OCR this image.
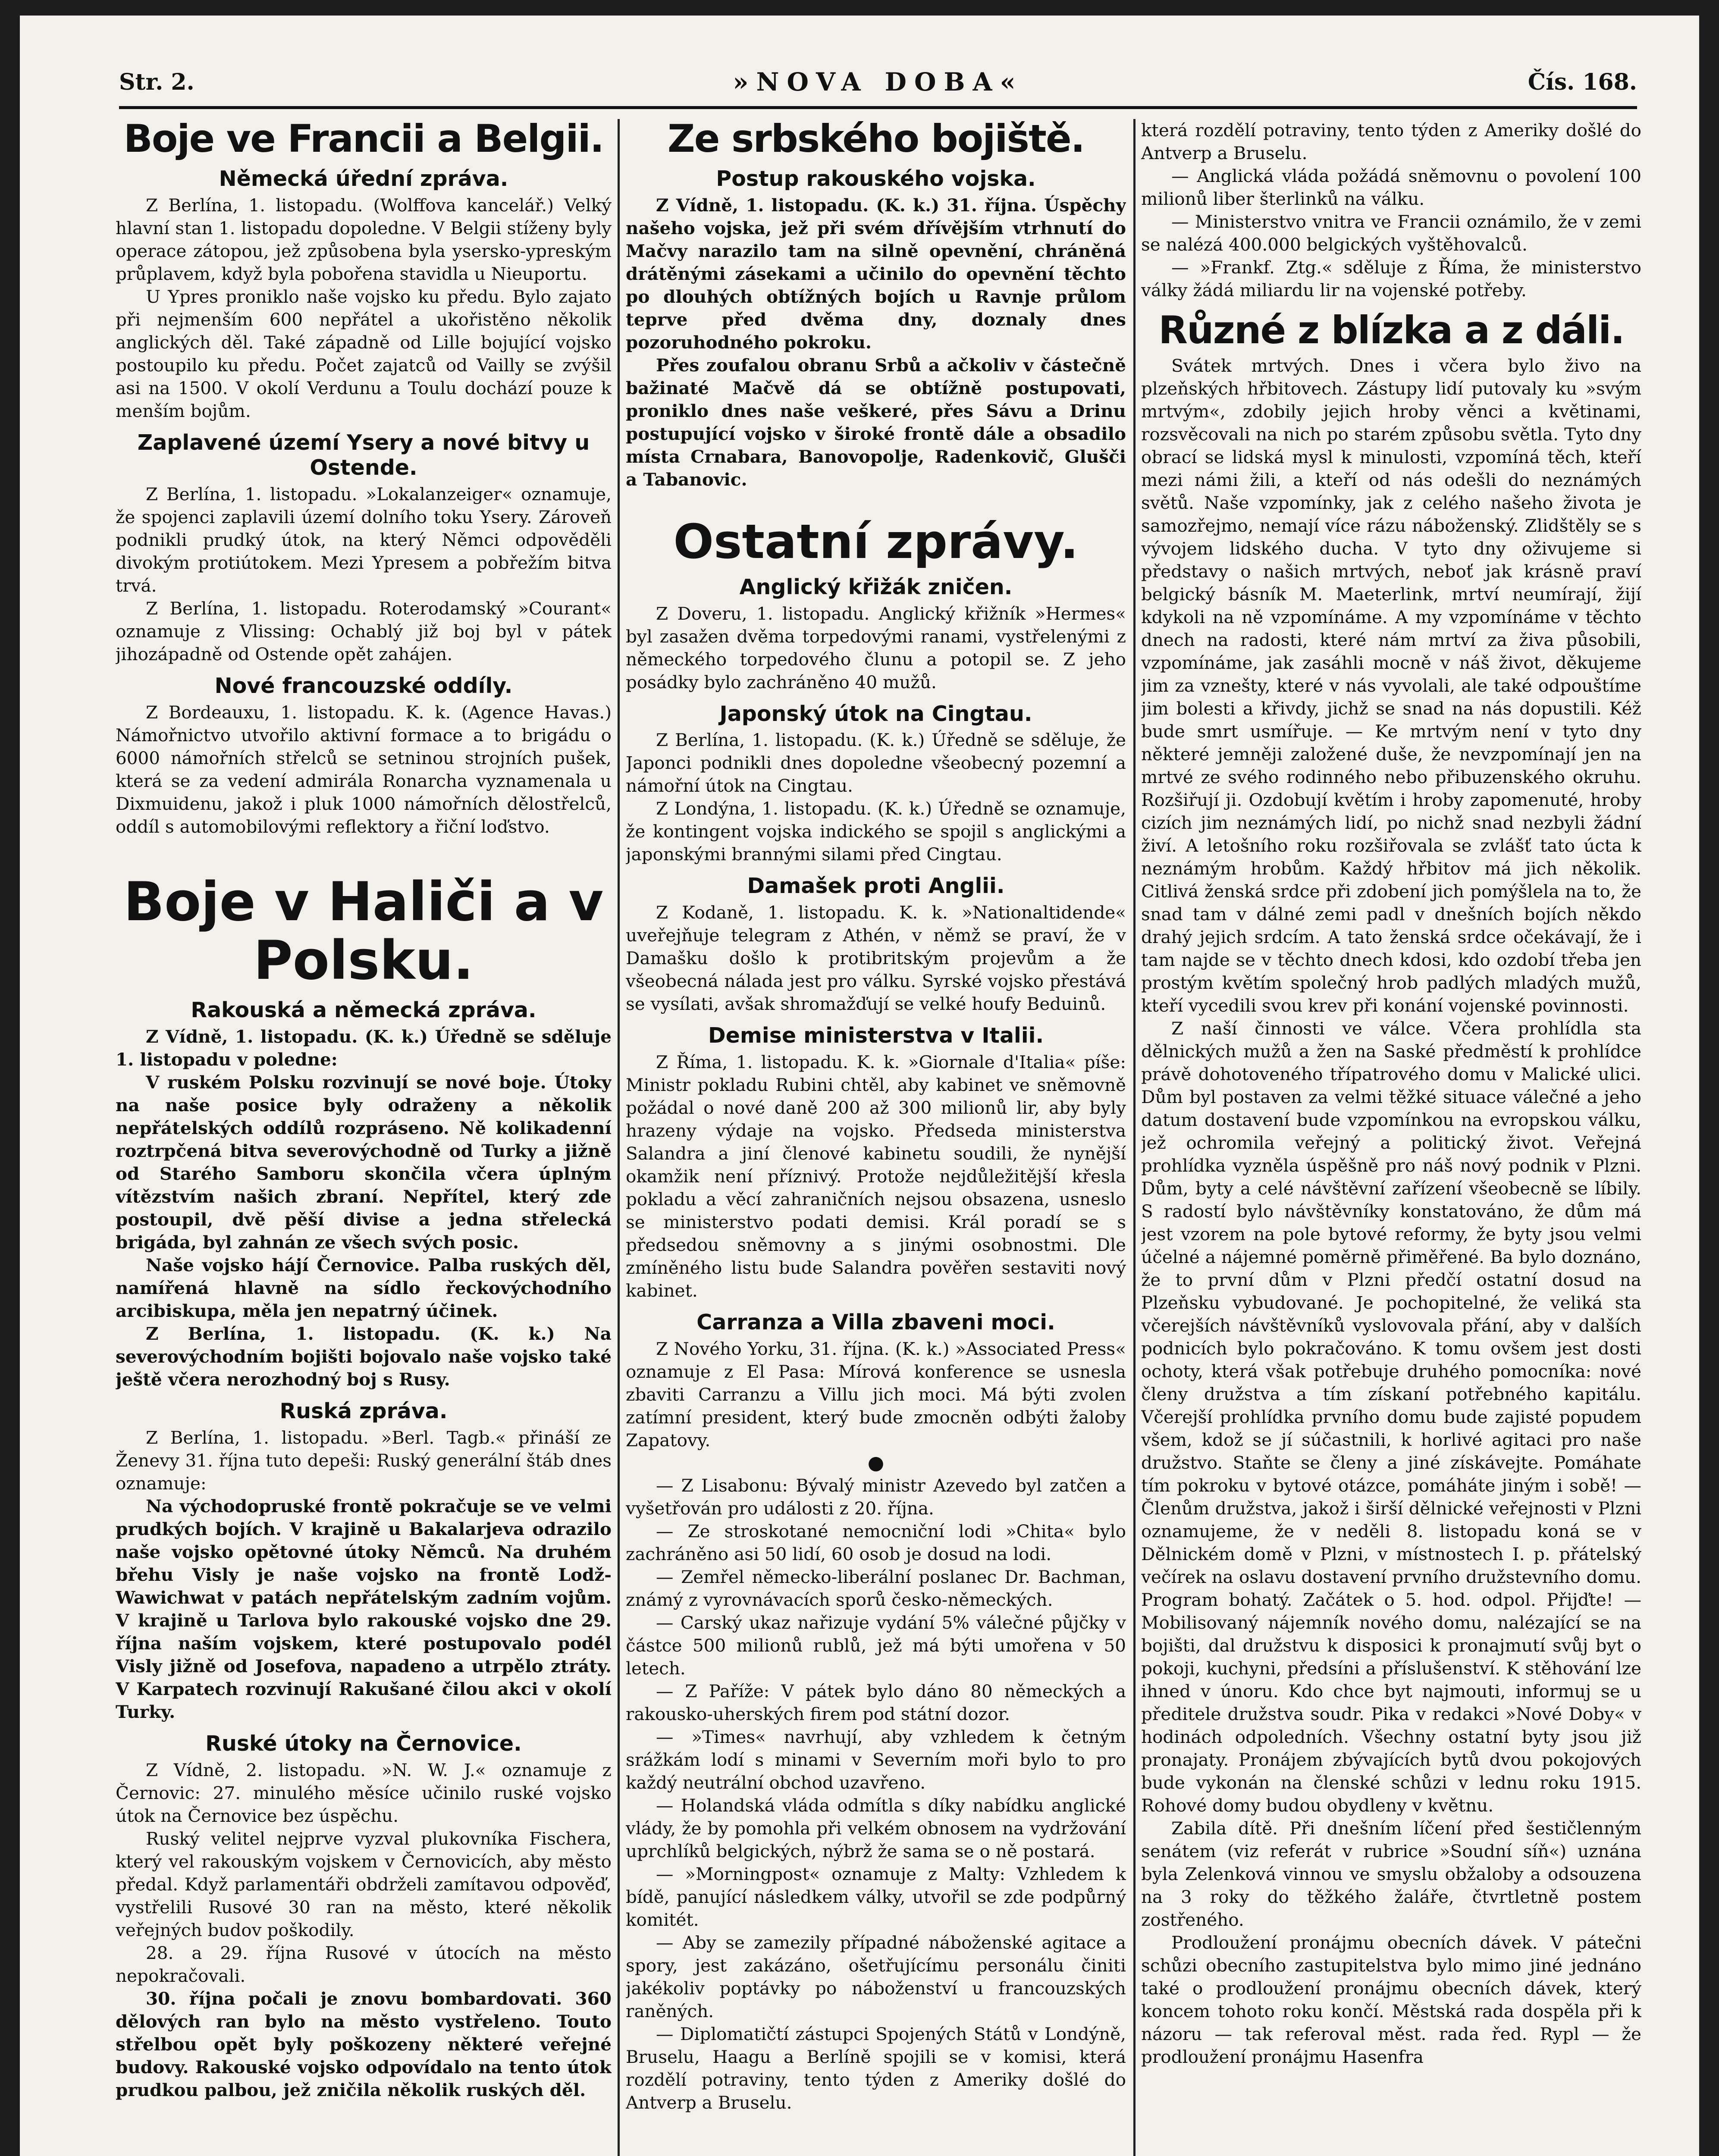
Str. 2.	»NOVA DOBA«	Čís. 168.
Boje ve Francii a Belgii.
Německá úřední zpráva.

Z Berlína, 1. listopadu. (Wolffova kancelář.) Velký hlavní stan 1. listopadu dopoledne. V Belgii stíženy byly operace zátopou, jež způsobena byla ysersko-ypreským průplavem, když byla pobořena stavidla u Nieuportu.

U Ypres proniklo naše vojsko ku předu. Bylo zajato při nejmenším 600 nepřátel a ukořistěno několik anglických děl. Také západně od Lille bojující vojsko postoupilo ku předu. Počet zajatců od Vailly se zvýšil asi na 1500. V okolí Verdunu a Toulu dochází pouze k menším bojům.

Zaplavené území Ysery a nové bitvy u Ostende.

Z Berlína, 1. listopadu. »Lokalanzeiger« oznamuje, že spojenci zaplavili území dolního toku Ysery. Zároveň podnikli prudký útok, na který Němci odpověděli divokým protiútokem. Mezi Ypresem a pobřežím bitva trvá.

Z Berlína, 1. listopadu. Roterodamský »Courant« oznamuje z Vlissing: Ochablý již boj byl v pátek jihozápadně od Ostende opět zahájen.

Nové francouzské oddíly.

Z Bordeauxu, 1. listopadu. K. k. (Agence Havas.) Námořnictvo utvořilo aktivní formace a to brigádu o 6000 námořních střelců se setninou strojních pušek, která se za vedení admirála Ronarcha vyznamenala u Dixmuidenu, jakož i pluk 1000 námořních dělostřelců, oddíl s automobilovými reflektory a řiční loďstvo.

Boje v Haliči a v Polsku.
Rakouská a německá zpráva.

Z Vídně, 1. listopadu. (K. k.) Úředně se sděluje 1. listopadu v poledne:

V ruském Polsku rozvinují se nové boje. Útoky na naše posice byly odraženy a několik nepřátelských oddílů rozpráseno. Ně kolikadenní roztrpčená bitva severovýchodně od Turky a jižně od Starého Samboru skončila včera úplným vítězstvím našich zbraní. Nepřítel, který zde postoupil, dvě pěší divise a jedna střelecká brigáda, byl zahnán ze všech svých posic.

Naše vojsko hájí Černovice. Palba ruských děl, namířená hlavně na sídlo řeckovýchodního arcibiskupa, měla jen nepatrný účinek.

Z Berlína, 1. listopadu. (K. k.) Na severovýchodním bojišti bojovalo naše vojsko také ještě včera nerozhodný boj s Rusy.

Ruská zpráva.

Z Berlína, 1. listopadu. »Berl. Tagb.« přináší ze Ženevy 31. října tuto depeši: Ruský generální štáb dnes oznamuje:

Na východopruské frontě pokračuje se ve velmi prudkých bojích. V krajině u Bakalarjeva odrazilo naše vojsko opětovné útoky Němců. Na druhém břehu Visly je naše vojsko na frontě Lodž-Wawichwat v patách nepřátelským zadním vojům. V krajině u Tarlova bylo rakouské vojsko dne 29. října naším vojskem, které postupovalo podél Visly jižně od Josefova, napadeno a utrpělo ztráty. V Karpatech rozvinují Rakušané čilou akci v okolí Turky.

Ruské útoky na Černovice.

Z Vídně, 2. listopadu. »N. W. J.« oznamuje z Černovic: 27. minulého měsíce učinilo ruské vojsko útok na Černovice bez úspěchu.

Ruský velitel nejprve vyzval plukovníka Fischera, který vel rakouským vojskem v Černovicích, aby město předal. Když parlamentáři obdrželi zamítavou odpověď, vystřelili Rusové 30 ran na město, které několik veřejných budov poškodily.

28. a 29. října Rusové v útocích na město nepokračovali.

30. října počali je znovu bombardovati. 360 dělových ran bylo na město vystřeleno. Touto střelbou opět byly poškozeny některé veřejné budovy. Rakouské vojsko odpovídalo na tento útok prudkou palbou, jež zničila několik ruských děl.

Ze srbského bojiště.
Postup rakouského vojska.

Z Vídně, 1. listopadu. (K. k.) 31. října. Úspěchy našeho vojska, jež při svém dřívějším vtrhnutí do Mačvy narazilo tam na silně opevnění, chráněná drátěnými zásekami a učinilo do opevnění těchto po dlouhých obtížných bojích u Ravnje průlom teprve před dvěma dny, doznaly dnes pozoruhodného pokroku.

Přes zoufalou obranu Srbů a ačkoliv v částečně bažinaté Mačvě dá se obtížně postupovati, proniklo dnes naše veškeré, přes Sávu a Drinu postupující vojsko v široké frontě dále a obsadilo místa Crnabara, Banovopolje, Radenkovič, Glušči a Tabanovic.

Ostatní zprávy.
Anglický křižák zničen.

Z Doveru, 1. listopadu. Anglický křižník »Hermes« byl zasažen dvěma torpedovými ranami, vystřelenými z německého torpedového člunu a potopil se. Z jeho posádky bylo zachráněno 40 mužů.

Japonský útok na Cingtau.

Z Berlína, 1. listopadu. (K. k.) Úředně se sděluje, že Japonci podnikli dnes dopoledne všeobecný pozemní a námořní útok na Cingtau.

Z Londýna, 1. listopadu. (K. k.) Úředně se oznamuje, že kontingent vojska indického se spojil s anglickými a japonskými brannými silami před Cingtau.

Damašek proti Anglii.

Z Kodaně, 1. listopadu. K. k. »Nationaltidende« uveřejňuje telegram z Athén, v němž se praví, že v Damašku došlo k protibritským projevům a že všeobecná nálada jest pro válku. Syrské vojsko přestává se vysílati, avšak shromažďují se velké houfy Beduinů.

Demise ministerstva v Italii.

Z Říma, 1. listopadu. K. k. »Giornale d'Italia« píše: Ministr pokladu Rubini chtěl, aby kabinet ve sněmovně požádal o nové daně 200 až 300 milionů lir, aby byly hrazeny výdaje na vojsko. Předseda ministerstva Salandra a jiní členové kabinetu soudili, že nynější okamžik není příznivý. Protože nejdůležitější křesla pokladu a věcí zahraničních nejsou obsazena, usneslo se ministerstvo podati demisi. Král poradí se s předsedou sněmovny a s jinými osobnostmi. Dle zmíněného listu bude Salandra pověřen sestaviti nový kabinet.

Carranza a Villa zbaveni moci.

Z Nového Yorku, 31. října. (K. k.) »Associated Press« oznamuje z El Pasa: Mírová konference se usnesla zbaviti Carranzu a Villu jich moci. Má býti zvolen zatímní president, který bude zmocněn odbýti žaloby Zapatovy.

●

— Z Lisabonu: Bývalý ministr Azevedo byl zatčen a vyšetřován pro události z 20. října.

— Ze stroskotané nemocniční lodi »Chita« bylo zachráněno asi 50 lidí, 60 osob je dosud na lodi.

— Zemřel německo-liberální poslanec Dr. Bachman, známý z vyrovnávacích sporů česko-německých.

— Carský ukaz nařizuje vydání 5% válečné půjčky v částce 500 milionů rublů, jež má býti umořena v 50 letech.

— Z Paříže: V pátek bylo dáno 80 německých a rakousko-uherských firem pod státní dozor.

— »Times« navrhují, aby vzhledem k četným srážkám lodí s minami v Severním moři bylo to pro každý neutrální obchod uzavřeno.

— Holandská vláda odmítla s díky nabídku anglické vlády, že by pomohla při velkém obnosem na vydržování uprchlíků belgických, nýbrž že sama se o ně postará.

— »Morningpost« oznamuje z Malty: Vzhledem k bídě, panující následkem války, utvořil se zde podpůrný komitét.

— Aby se zamezily případné náboženské agitace a spory, jest zakázáno, ošetřujícímu personálu činiti jakékoliv poptávky po náboženství u francouzských raněných.

— Diplomatičtí zástupci Spojených Států v Londýně, Bruselu, Haagu a Berlíně spojili se v komisi, která rozdělí potraviny, tento týden z Ameriky došlé do Antverp a Bruselu.

která rozdělí potraviny, tento týden z Ameriky došlé do Antverp a Bruselu.

— Anglická vláda požádá sněmovnu o povolení 100 milionů liber šterlinků na válku.

— Ministerstvo vnitra ve Francii oznámilo, že v zemi se nalézá 400.000 belgických vyštěhovalců.

— »Frankf. Ztg.« sděluje z Říma, že ministerstvo války žádá miliardu lir na vojenské potřeby.

Různé z blízka a z dáli.

Svátek mrtvých. Dnes i včera bylo živo na plzeňských hřbitovech. Zástupy lidí putovaly ku »svým mrtvým«, zdobily jejich hroby věnci a květinami, rozsvěcovali na nich po starém způsobu světla. Tyto dny obrací se lidská mysl k minulosti, vzpomíná těch, kteří mezi námi žili, a kteří od nás odešli do neznámých světů. Naše vzpomínky, jak z celého našeho života je samozřejmo, nemají více rázu náboženský. Zlidštěly se s vývojem lidského ducha. V tyto dny oživujeme si představy o našich mrtvých, neboť jak krásně praví belgický básník M. Maeterlink, mrtví neumírají, žijí kdykoli na ně vzpomínáme. A my vzpomínáme v těchto dnech na radosti, které nám mrtví za živa působili, vzpomínáme, jak zasáhli mocně v náš život, děkujeme jim za vznešty, které v nás vyvolali, ale také odpouštíme jim bolesti a křivdy, jichž se snad na nás dopustili. Kéž bude smrt usmířuje. — Ke mrtvým není v tyto dny některé jemněji založené duše, že nevzpomínají jen na mrtvé ze svého rodinného nebo přibuzenského okruhu. Rozšiřují ji. Ozdobují květím i hroby zapomenuté, hroby cizích jim neznámých lidí, po nichž snad nezbyli žádní živí. A letošního roku rozšiřovala se zvlášť tato úcta k neznámým hrobům. Každý hřbitov má jich několik. Citlivá ženská srdce při zdobení jich pomýšlela na to, že snad tam v dálné zemi padl v dnešních bojích někdo drahý jejich srdcím. A tato ženská srdce očekávají, že i tam najde se v těchto dnech kdosi, kdo ozdobí třeba jen prostým květím společný hrob padlých mladých mužů, kteří vycedili svou krev při konání vojenské povinnosti.

Z naší činnosti ve válce. Včera prohlídla sta dělnických mužů a žen na Saské předměstí k prohlídce právě dohotoveného třípatrového domu v Malické ulici. Dům byl postaven za velmi těžké situace válečné a jeho datum dostavení bude vzpomínkou na evropskou válku, jež ochromila veřejný a politický život. Veřejná prohlídka vyzněla úspěšně pro náš nový podnik v Plzni. Dům, byty a celé návštěvní zařízení všeobecně se líbily. S radostí bylo návštěvníky konstatováno, že dům má jest vzorem na pole bytové reformy, že byty jsou velmi účelné a nájemné poměrně přiměřené. Ba bylo doznáno, že to první dům v Plzni předčí ostatní dosud na Plzeňsku vybudované. Je pochopitelné, že veliká sta včerejších návštěvníků vyslovovala přání, aby v dalších podnicích bylo pokračováno. K tomu ovšem jest dosti ochoty, která však potřebuje druhého pomocníka: nové členy družstva a tím získaní potřebného kapitálu. Včerejší prohlídka prvního domu bude zajisté popudem všem, kdož se jí súčastnili, k horlivé agitaci pro naše družstvo. Staňte se členy a jiné získávejte. Pomáhate tím pokroku v bytové otázce, pomáháte jiným i sobě! — Členům družstva, jakož i širší dělnické veřejnosti v Plzni oznamujeme, že v neděli 8. listopadu koná se v Dělnickém domě v Plzni, v místnostech I. p. přátelský večírek na oslavu dostavení prvního družstevního domu. Program bohatý. Začátek o 5. hod. odpol. Přijďte! — Mobilisovaný nájemník nového domu, nalézající se na bojišti, dal družstvu k disposici k pronajmutí svůj byt o pokoji, kuchyni, předsíni a příslušenství. K stěhování lze ihned v únoru. Kdo chce byt najmouti, informuj se u předitele družstva soudr. Pika v redakci »Nové Doby« v hodinách odpoledních. Všechny ostatní byty jsou již pronajaty. Pronájem zbývajících bytů dvou pokojových bude vykonán na členské schůzi v lednu roku 1915. Rohové domy budou obydleny v květnu.

Zabila dítě. Při dnešním líčení před šestičlenným senátem (viz referát v rubrice »Soudní síň«) uznána byla Zelenková vinnou ve smyslu obžaloby a odsouzena na 3 roky do těžkého žaláře, čtvrtletně postem zostřeného.

Prodloužení pronájmu obecních dávek. V pátečni schůzi obecního zastupitelstva bylo mimo jiné jednáno také o prodloužení pronájmu obecních dávek, který koncem tohoto roku končí. Městská rada dospěla při k názoru — tak referoval měst. rada řed. Rypl — že prodloužení pronájmu Hasenfra
